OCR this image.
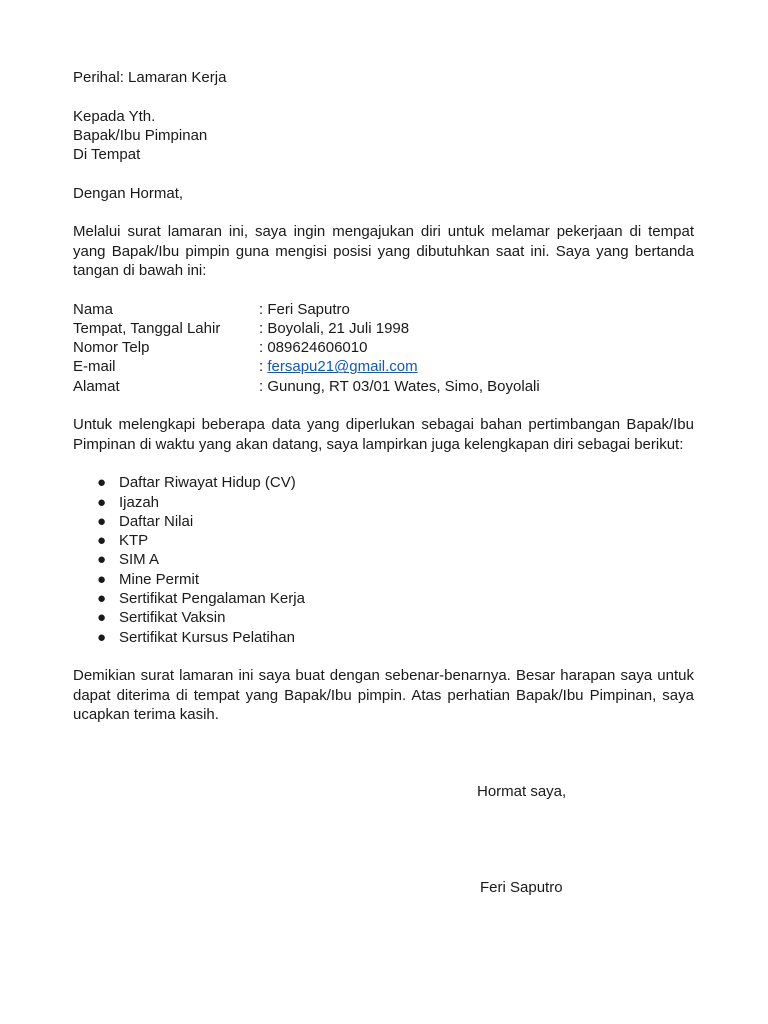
Perihal: Lamaran Kerja

Kepada Yth.

Bapak/Ibu Pimpinan

Di Tempat

Dengan Hormat,

Melalui surat lamaran ini, saya ingin mengajukan diri untuk melamar pekerjaan di tempat yang Bapak/Ibu pimpin guna mengisi posisi yang dibutuhkan saat ini. Saya yang bertanda tangan di bawah ini:

Nama	: Feri Saputro
Tempat, Tanggal Lahir	: Boyolali, 21 Juli 1998
Nomor Telp	: 089624606010
E-mail	: fersapu21@gmail.com
Alamat	: Gunung, RT 03/01 Wates, Simo, Boyolali

Untuk melengkapi beberapa data yang diperlukan sebagai bahan pertimbangan Bapak/Ibu Pimpinan di waktu yang akan datang, saya lampirkan juga kelengkapan diri sebagai berikut:

● Daftar Riwayat Hidup (CV)
● Ijazah
● Daftar Nilai
● KTP
● SIM A
● Mine Permit
● Sertifikat Pengalaman Kerja
● Sertifikat Vaksin
● Sertifikat Kursus Pelatihan

Demikian surat lamaran ini saya buat dengan sebenar-benarnya. Besar harapan saya untuk dapat diterima di tempat yang Bapak/Ibu pimpin. Atas perhatian Bapak/Ibu Pimpinan, saya ucapkan terima kasih.

Hormat saya,

Feri Saputro
